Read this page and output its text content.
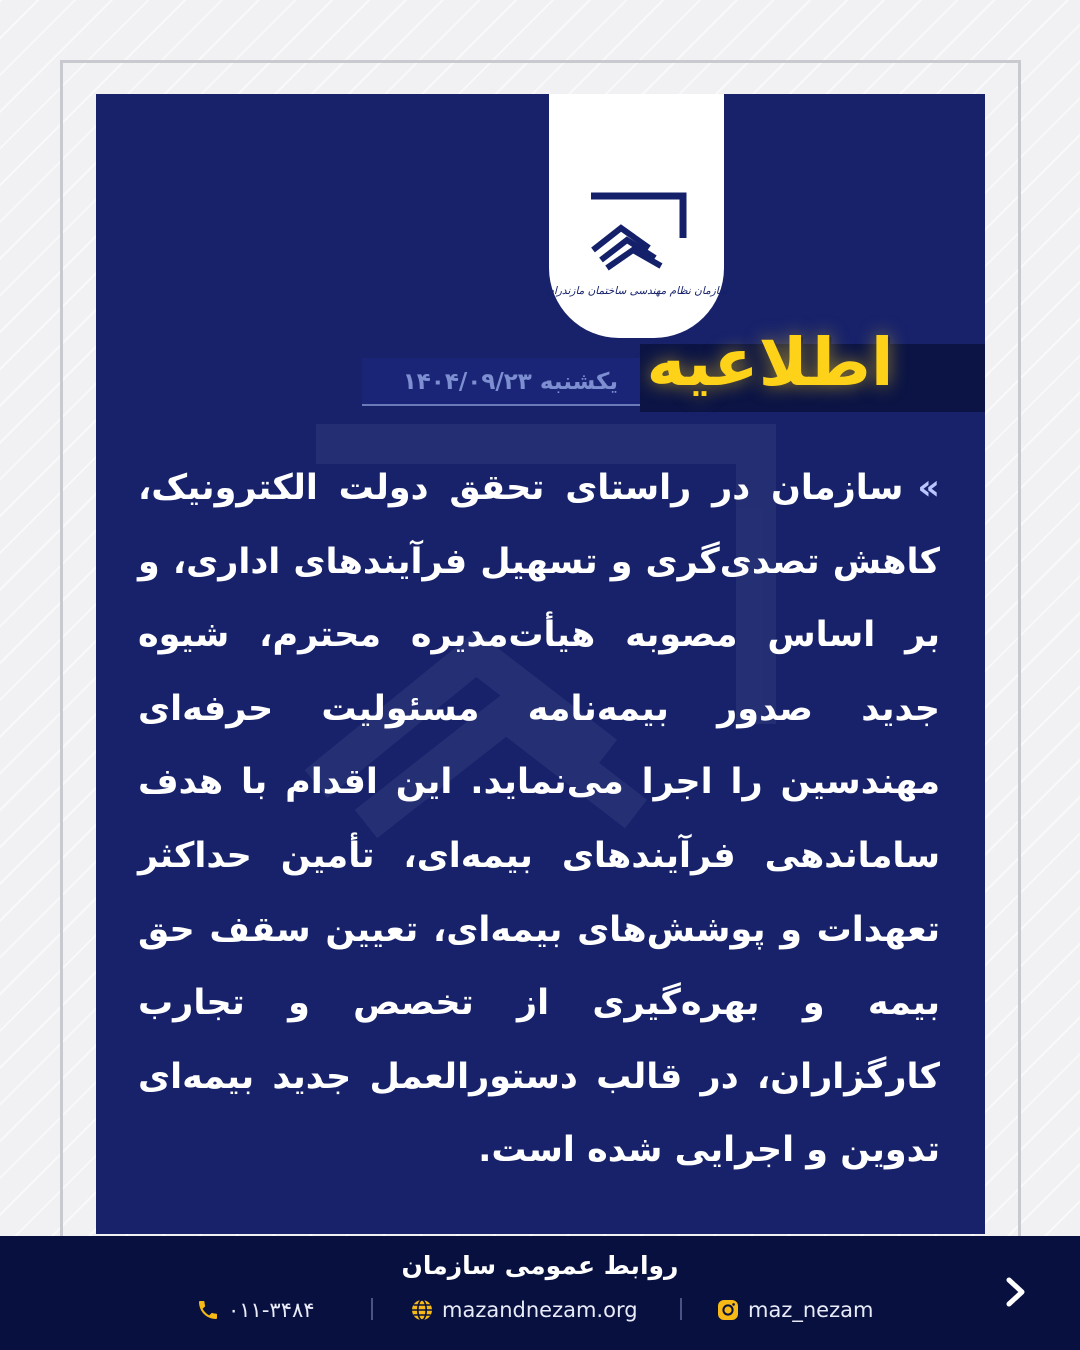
سازمان نظام مهندسی ساختمان مازندران
اطلاعیه
یکشنبه ۱۴۰۴/۰۹/۲۳
»سازمان در راستای تحقق دولت الکترونیک، کاهش تصدی‌گری و تسهیل فرآیندهای اداری، و بر اساس مصوبه هیأت‌مدیره محترم، شیوه جدید صدور بیمه‌نامه مسئولیت حرفه‌ای مهندسین را اجرا می‌نماید. این اقدام با هدف ساماندهی فرآیندهای بیمه‌ای، تأمین حداکثر تعهدات و پوشش‌های بیمه‌ای، تعیین سقف حق بیمه و بهره‌گیری از تخصص و تجارب کارگزاران، در قالب دستورالعمل جدید بیمه‌ای تدوین و اجرایی شده است.
روابط عمومی سازمان
۰۱۱-۳۴۸۴	mazandnezam.org	maz_nezam
